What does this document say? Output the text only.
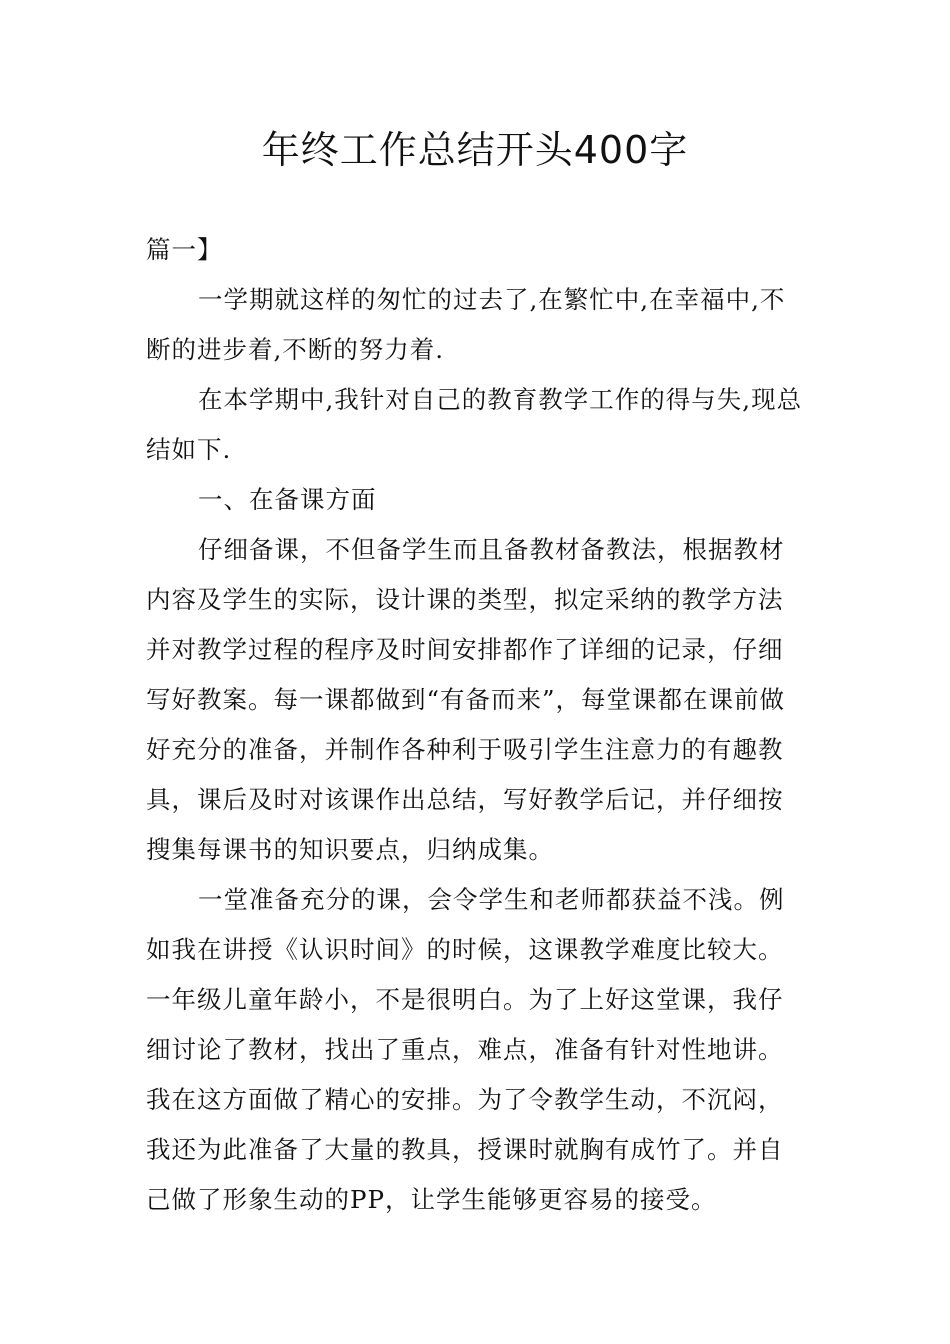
年终工作总结开头400字

篇一】

一学期就这样的匆忙的过去了,在繁忙中,在幸福中,不断的进步着,不断的努力着.

在本学期中,我针对自己的教育教学工作的得与失,现总结如下.

一、在备课方面

仔细备课，不但备学生而且备教材备教法，根据教材内容及学生的实际，设计课的类型，拟定采纳的教学方法并对教学过程的程序及时间安排都作了详细的记录，仔细写好教案。每一课都做到“有备而来”，每堂课都在课前做好充分的准备，并制作各种利于吸引学生注意力的有趣教具，课后及时对该课作出总结，写好教学后记，并仔细按搜集每课书的知识要点，归纳成集。

一堂准备充分的课，会令学生和老师都获益不浅。例如我在讲授《认识时间》的时候，这课教学难度比较大。一年级儿童年龄小，不是很明白。为了上好这堂课，我仔细讨论了教材，找出了重点，难点，准备有针对性地讲。我在这方面做了精心的安排。为了令教学生动，不沉闷，我还为此准备了大量的教具，授课时就胸有成竹了。并自己做了形象生动的PP，让学生能够更容易的接受。
